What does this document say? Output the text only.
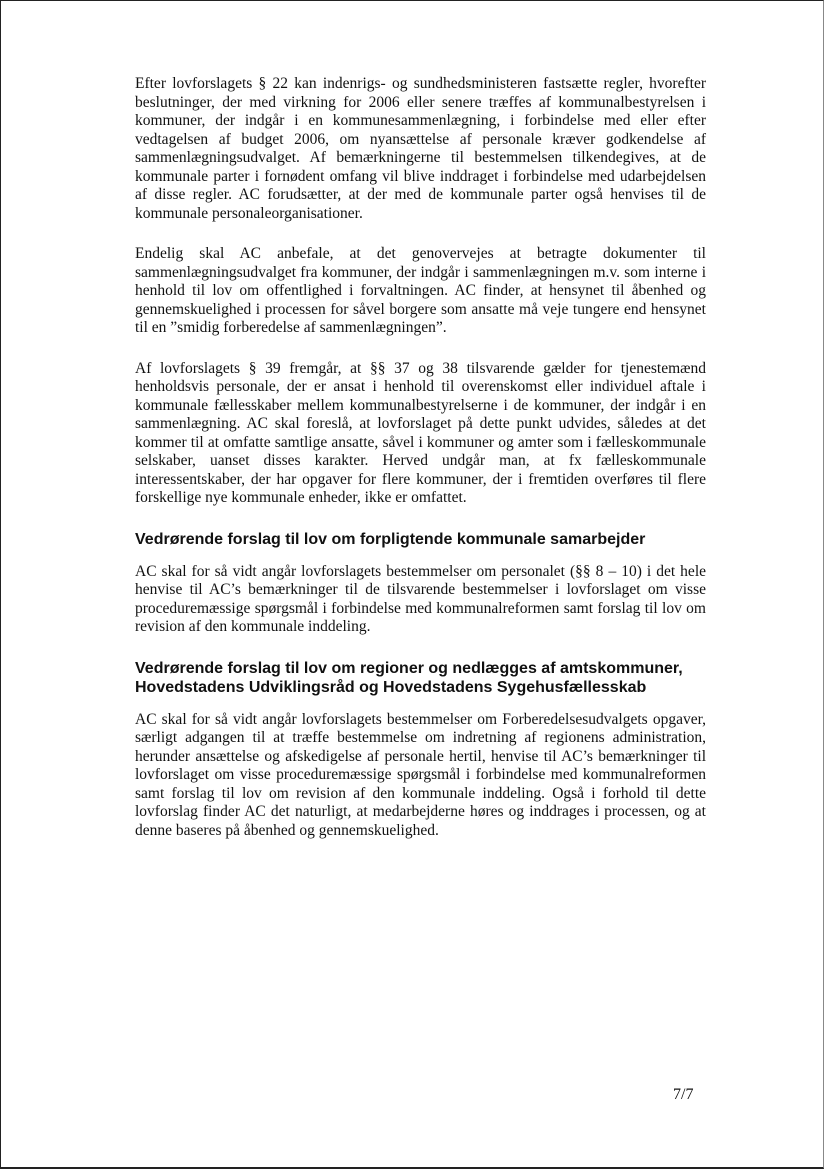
Efter lovforslagets § 22 kan indenrigs- og sundhedsministeren fastsætte regler, hvorefter beslutninger, der med virkning for 2006 eller senere træffes af kommunalbestyrelsen i kommuner, der indgår i en kommunesammenlægning, i forbindelse med eller efter vedtagelsen af budget 2006, om nyansættelse af personale kræver godkendelse af sammenlægningsudvalget. Af bemærkningerne til bestemmelsen tilkendegives, at de kommunale parter i fornødent omfang vil blive inddraget i forbindelse med udarbejdelsen af disse regler. AC forudsætter, at der med de kommunale parter også henvises til de kommunale personaleorganisationer.

Endelig skal AC anbefale, at det genovervejes at betragte dokumenter til sammenlægningsudvalget fra kommuner, der indgår i sammenlægningen m.v. som interne i henhold til lov om offentlighed i forvaltningen. AC finder, at hensynet til åbenhed og gennemskuelighed i processen for såvel borgere som ansatte må veje tungere end hensynet til en ”smidig forberedelse af sammenlægningen”.

Af lovforslagets § 39 fremgår, at §§ 37 og 38 tilsvarende gælder for tjenestemænd henholdsvis personale, der er ansat i henhold til overenskomst eller individuel aftale i kommunale fællesskaber mellem kommunalbestyrelserne i de kommuner, der indgår i en sammenlægning. AC skal foreslå, at lovforslaget på dette punkt udvides, således at det kommer til at omfatte samtlige ansatte, såvel i kommuner og amter som i fælleskommunale selskaber, uanset disses karakter. Herved undgår man, at fx fælleskommunale interessentskaber, der har opgaver for flere kommuner, der i fremtiden overføres til flere forskellige nye kommunale enheder, ikke er omfattet.

Vedrørende forslag til lov om forpligtende kommunale samarbejder

AC skal for så vidt angår lovforslagets bestemmelser om personalet (§§ 8 – 10) i det hele henvise til AC’s bemærkninger til de tilsvarende bestemmelser i lovforslaget om visse proceduremæssige spørgsmål i forbindelse med kommunalreformen samt forslag til lov om revision af den kommunale inddeling.

Vedrørende forslag til lov om regioner og nedlægges af amtskommuner,
Hovedstadens Udviklingsråd og Hovedstadens Sygehusfællesskab

AC skal for så vidt angår lovforslagets bestemmelser om Forberedelsesudvalgets opgaver, særligt adgangen til at træffe bestemmelse om indretning af regionens administration, herunder ansættelse og afskedigelse af personale hertil, henvise til AC’s bemærkninger til lovforslaget om visse proceduremæssige spørgsmål i forbindelse med kommunalreformen samt forslag til lov om revision af den kommunale inddeling. Også i forhold til dette lovforslag finder AC det naturligt, at medarbejderne høres og inddrages i processen, og at denne baseres på åbenhed og gennemskuelighed.

7/7
